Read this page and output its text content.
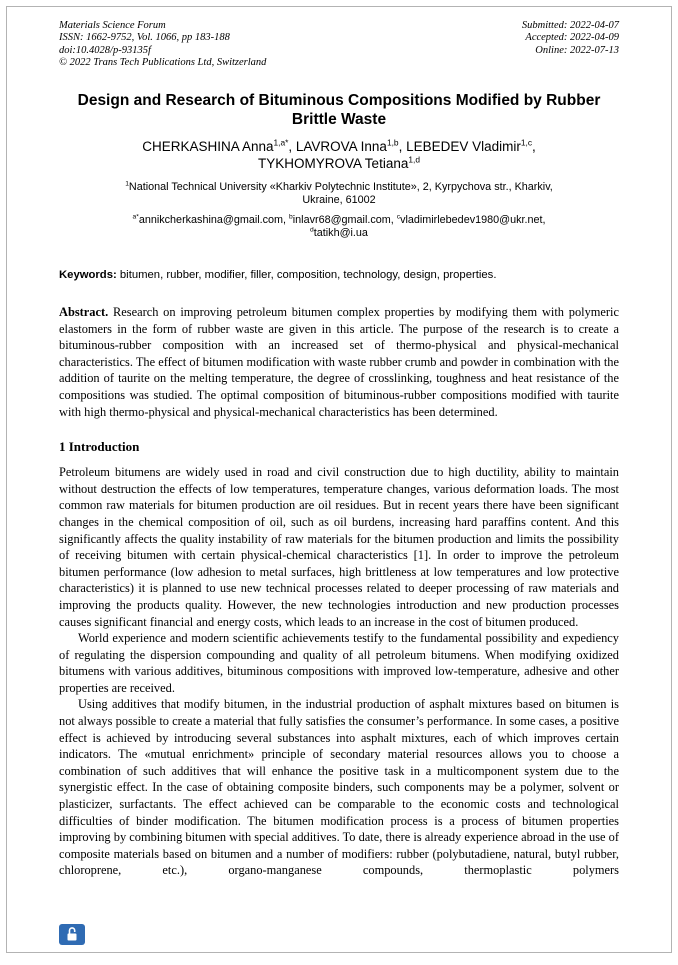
Materials Science Forum
ISSN: 1662-9752, Vol. 1066, pp 183-188
doi:10.4028/p-93135f
© 2022 Trans Tech Publications Ltd, Switzerland
Submitted: 2022-04-07
Accepted: 2022-04-09
Online: 2022-07-13
Design and Research of Bituminous Compositions Modified by Rubber
Brittle Waste
CHERKASHINA Anna$^{1,a*}$, LAVROVA Inna$^{1,b}$, LEBEDEV Vladimir$^{1,c}$,
TYKHOMYROVA Tetiana$^{1,d}$
$^1$National Technical University «Kharkiv Polytechnic Institute», 2, Kyrpychova str., Kharkiv,
Ukraine, 61002
$^{a*}$annikcherkashina@gmail.com, $^b$inlavr68@gmail.com, $^c$vladimirlebedev1980@ukr.net,
$^d$tatikh@i.ua

Keywords: bitumen, rubber, modifier, filler, composition, technology, design, properties.

Abstract. Research on improving petroleum bitumen complex properties by modifying them with polymeric elastomers in the form of rubber waste are given in this article. The purpose of the research is to create a bituminous-rubber composition with an increased set of thermo-physical and physical-mechanical characteristics. The effect of bitumen modification with waste rubber crumb and powder in combination with the addition of taurite on the melting temperature, the degree of crosslinking, toughness and heat resistance of the compositions was studied. The optimal composition of bituminous-rubber compositions modified with taurite with high thermo-physical and physical-mechanical characteristics has been determined.

1 Introduction

Petroleum bitumens are widely used in road and civil construction due to high ductility, ability to maintain without destruction the effects of low temperatures, temperature changes, various deformation loads. The most common raw materials for bitumen production are oil residues. But in recent years there have been significant changes in the chemical composition of oil, such as oil burdens, increasing hard paraffins content. And this significantly affects the quality instability of raw materials for the bitumen production and limits the possibility of receiving bitumen with certain physical-chemical characteristics [1]. In order to improve the petroleum bitumen performance (low adhesion to metal surfaces, high brittleness at low temperatures and low protective characteristics) it is planned to use new technical processes related to deeper processing of raw materials and improving the products quality. However, the new technologies introduction and new production processes causes significant financial and energy costs, which leads to an increase in the cost of bitumen produced.

World experience and modern scientific achievements testify to the fundamental possibility and expediency of regulating the dispersion compounding and quality of all petroleum bitumens. When modifying oxidized bitumens with various additives, bituminous compositions with improved low-temperature, adhesive and other properties are received.

Using additives that modify bitumen, in the industrial production of asphalt mixtures based on bitumen is not always possible to create a material that fully satisfies the consumer’s performance. In some cases, a positive effect is achieved by introducing several substances into asphalt mixtures, each of which improves certain indicators. The «mutual enrichment» principle of secondary material resources allows you to choose a combination of such additives that will enhance the positive task in a multicomponent system due to the synergistic effect. In the case of obtaining composite binders, such components may be a polymer, solvent or plasticizer, surfactants. The effect achieved can be comparable to the economic costs and technological difficulties of binder modification. The bitumen modification process is a process of bitumen properties improving by combining bitumen with special additives. To date, there is already experience abroad in the use of composite materials based on bitumen and a number of modifiers: rubber (polybutadiene, natural, butyl rubber, chloroprene, etc.), organo-manganese compounds, thermoplastic polymers
